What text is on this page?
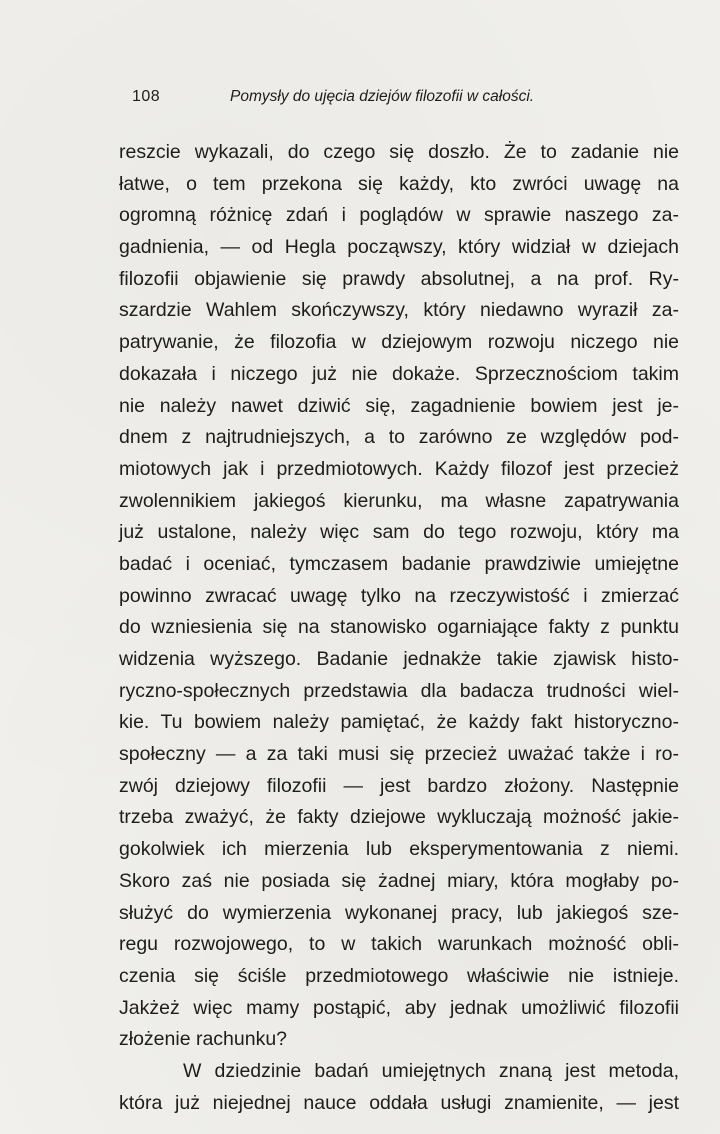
108	Pomysły do ujęcia dziejów filozofii w całości.
reszcie wykazali, do czego się doszło. Że to zadanie nie
łatwe, o tem przekona się każdy, kto zwróci uwagę na
ogromną różnicę zdań i poglądów w sprawie naszego za-
gadnienia, — od Hegla począwszy, który widział w dziejach
filozofii objawienie się prawdy absolutnej, a na prof. Ry-
szardzie Wahlem skończywszy, który niedawno wyraził za-
patrywanie, że filozofia w dziejowym rozwoju niczego nie
dokazała i niczego już nie dokaże. Sprzecznościom takim
nie należy nawet dziwić się, zagadnienie bowiem jest je-
dnem z najtrudniejszych, a to zarówno ze względów pod-
miotowych jak i przedmiotowych. Każdy filozof jest przecież
zwolennikiem jakiegoś kierunku, ma własne zapatrywania
już ustalone, należy więc sam do tego rozwoju, który ma
badać i oceniać, tymczasem badanie prawdziwie umiejętne
powinno zwracać uwagę tylko na rzeczywistość i zmierzać
do wzniesienia się na stanowisko ogarniające fakty z punktu
widzenia wyższego. Badanie jednakże takie zjawisk histo-
ryczno-społecznych przedstawia dla badacza trudności wiel-
kie. Tu bowiem należy pamiętać, że każdy fakt historyczno-
społeczny — a za taki musi się przecież uważać także i ro-
zwój dziejowy filozofii — jest bardzo złożony. Następnie
trzeba zważyć, że fakty dziejowe wykluczają możność jakie-
gokolwiek ich mierzenia lub eksperymentowania z niemi.
Skoro zaś nie posiada się żadnej miary, która mogłaby po-
służyć do wymierzenia wykonanej pracy, lub jakiegoś sze-
regu rozwojowego, to w takich warunkach możność obli-
czenia się ściśle przedmiotowego właściwie nie istnieje.
Jakżeż więc mamy postąpić, aby jednak umożliwić filozofii
złożenie rachunku?
W dziedzinie badań umiejętnych znaną jest metoda,
która już niejednej nauce oddała usługi znamienite, — jest
